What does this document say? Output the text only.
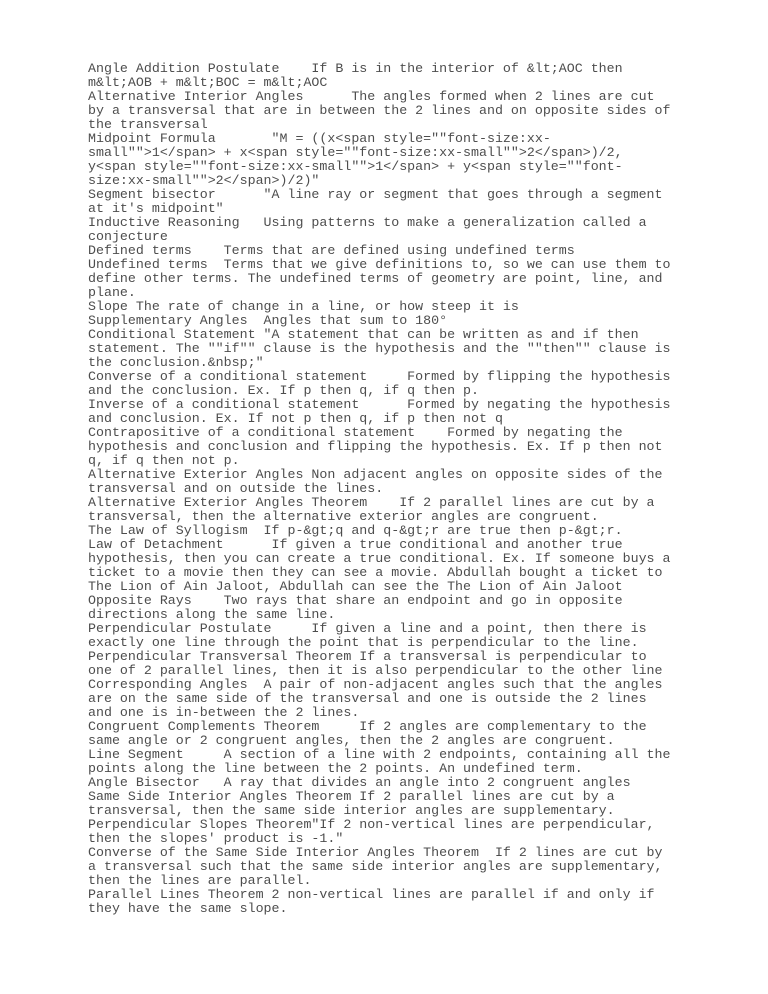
Angle Addition Postulate    If B is in the interior of &lt;AOC then
m&lt;AOB + m&lt;BOC = m&lt;AOC
Alternative Interior Angles      The angles formed when 2 lines are cut
by a transversal that are in between the 2 lines and on opposite sides of
the transversal
Midpoint Formula       "M = ((x<span style=""font-size:xx-
small"">1</span> + x<span style=""font-size:xx-small"">2</span>)/2,
y<span style=""font-size:xx-small"">1</span> + y<span style=""font-
size:xx-small"">2</span>)/2)"
Segment bisector      "A line ray or segment that goes through a segment
at it's midpoint"
Inductive Reasoning   Using patterns to make a generalization called a
conjecture
Defined terms    Terms that are defined using undefined terms
Undefined terms  Terms that we give definitions to, so we can use them to
define other terms. The undefined terms of geometry are point, line, and
plane.
Slope The rate of change in a line, or how steep it is
Supplementary Angles  Angles that sum to 180°
Conditional Statement "A statement that can be written as and if then
statement. The ""if"" clause is the hypothesis and the ""then"" clause is
the conclusion.&nbsp;"
Converse of a conditional statement     Formed by flipping the hypothesis
and the conclusion. Ex. If p then q, if q then p.
Inverse of a conditional statement      Formed by negating the hypothesis
and conclusion. Ex. If not p then q, if p then not q
Contrapositive of a conditional statement    Formed by negating the
hypothesis and conclusion and flipping the hypothesis. Ex. If p then not
q, if q then not p.
Alternative Exterior Angles Non adjacent angles on opposite sides of the
transversal and on outside the lines.
Alternative Exterior Angles Theorem    If 2 parallel lines are cut by a
transversal, then the alternative exterior angles are congruent.
The Law of Syllogism  If p-&gt;q and q-&gt;r are true then p-&gt;r.
Law of Detachment      If given a true conditional and another true
hypothesis, then you can create a true conditional. Ex. If someone buys a
ticket to a movie then they can see a movie. Abdullah bought a ticket to
The Lion of Ain Jaloot, Abdullah can see the The Lion of Ain Jaloot
Opposite Rays    Two rays that share an endpoint and go in opposite
directions along the same line.
Perpendicular Postulate     If given a line and a point, then there is
exactly one line through the point that is perpendicular to the line.
Perpendicular Transversal Theorem If a transversal is perpendicular to
one of 2 parallel lines, then it is also perpendicular to the other line
Corresponding Angles  A pair of non-adjacent angles such that the angles
are on the same side of the transversal and one is outside the 2 lines
and one is in-between the 2 lines.
Congruent Complements Theorem     If 2 angles are complementary to the
same angle or 2 congruent angles, then the 2 angles are congruent.
Line Segment     A section of a line with 2 endpoints, containing all the
points along the line between the 2 points. An undefined term.
Angle Bisector   A ray that divides an angle into 2 congruent angles
Same Side Interior Angles Theorem If 2 parallel lines are cut by a
transversal, then the same side interior angles are supplementary.
Perpendicular Slopes Theorem"If 2 non-vertical lines are perpendicular,
then the slopes' product is -1."
Converse of the Same Side Interior Angles Theorem  If 2 lines are cut by
a transversal such that the same side interior angles are supplementary,
then the lines are parallel.
Parallel Lines Theorem 2 non-vertical lines are parallel if and only if
they have the same slope.
